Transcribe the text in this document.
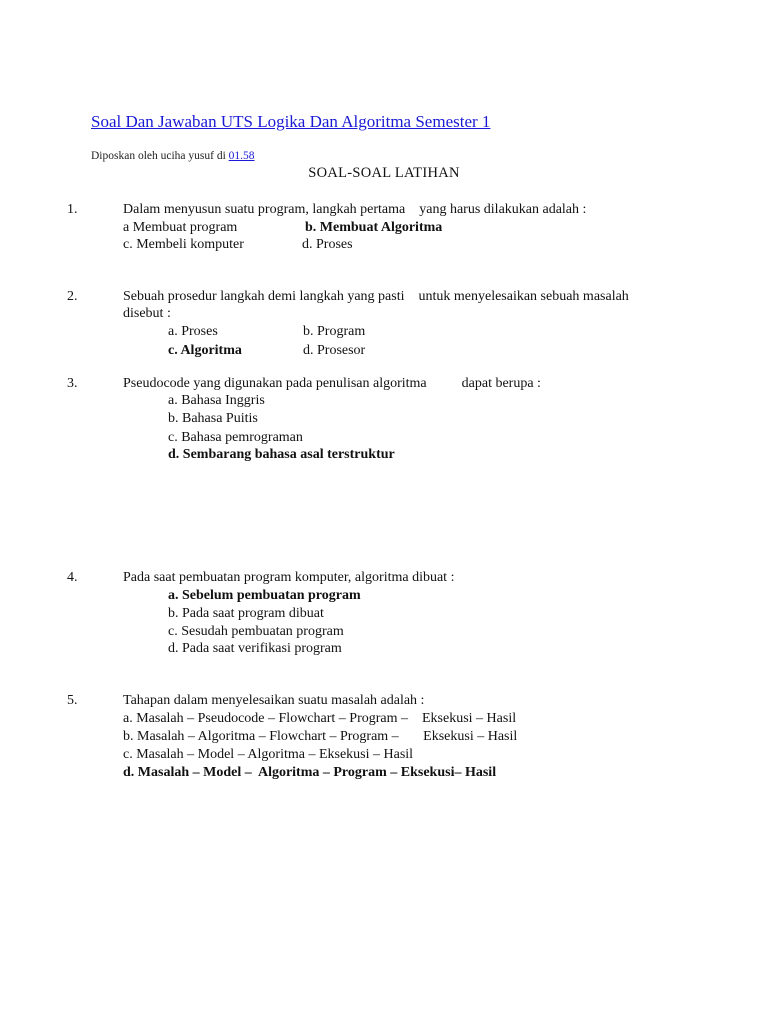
Soal Dan Jawaban UTS Logika Dan Algoritma Semester 1
Diposkan oleh uciha yusuf di 01.58
SOAL-SOAL LATIHAN
1.	Dalam menyusun suatu program, langkah pertama    yang harus dilakukan adalah :
a Membuat program	b. Membuat Algoritma
c. Membeli komputer	d. Proses
2.	Sebuah prosedur langkah demi langkah yang pasti    untuk menyelesaikan sebuah masalah
disebut :
a. Proses	b. Program
c. Algoritma	d. Prosesor
3.	Pseudocode yang digunakan pada penulisan algoritma          dapat berupa :
a. Bahasa Inggris
b. Bahasa Puitis
c. Bahasa pemrograman
d. Sembarang bahasa asal terstruktur
4.	Pada saat pembuatan program komputer, algoritma dibuat :
a. Sebelum pembuatan program
b. Pada saat program dibuat
c. Sesudah pembuatan program
d. Pada saat verifikasi program
5.	Tahapan dalam menyelesaikan suatu masalah adalah :
a. Masalah – Pseudocode – Flowchart – Program –    Eksekusi – Hasil
b. Masalah – Algoritma – Flowchart – Program –       Eksekusi – Hasil
c. Masalah – Model – Algoritma – Eksekusi – Hasil
d. Masalah – Model –  Algoritma – Program – Eksekusi– Hasil
